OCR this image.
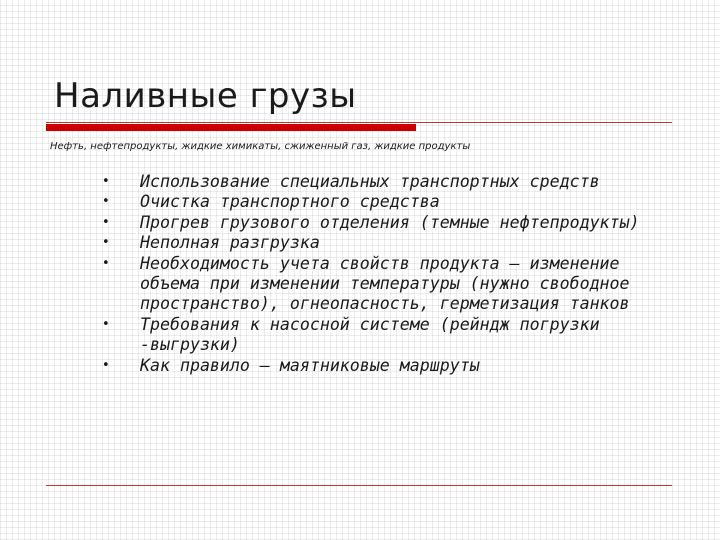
Наливные грузы

Нефть, нефтепродукты, жидкие химикаты, сжиженный газ, жидкие продукты

• Использование специальных транспортных средств
• Очистка транспортного средства
• Прогрев грузового отделения (темные нефтепродукты)
• Неполная разгрузка
• Необходимость учета свойств продукта – изменение объема при изменении температуры (нужно свободное пространство), огнеопасность, герметизация танков
• Требования к насосной системе (рейндж погрузки -выгрузки)
• Как правило – маятниковые маршруты
